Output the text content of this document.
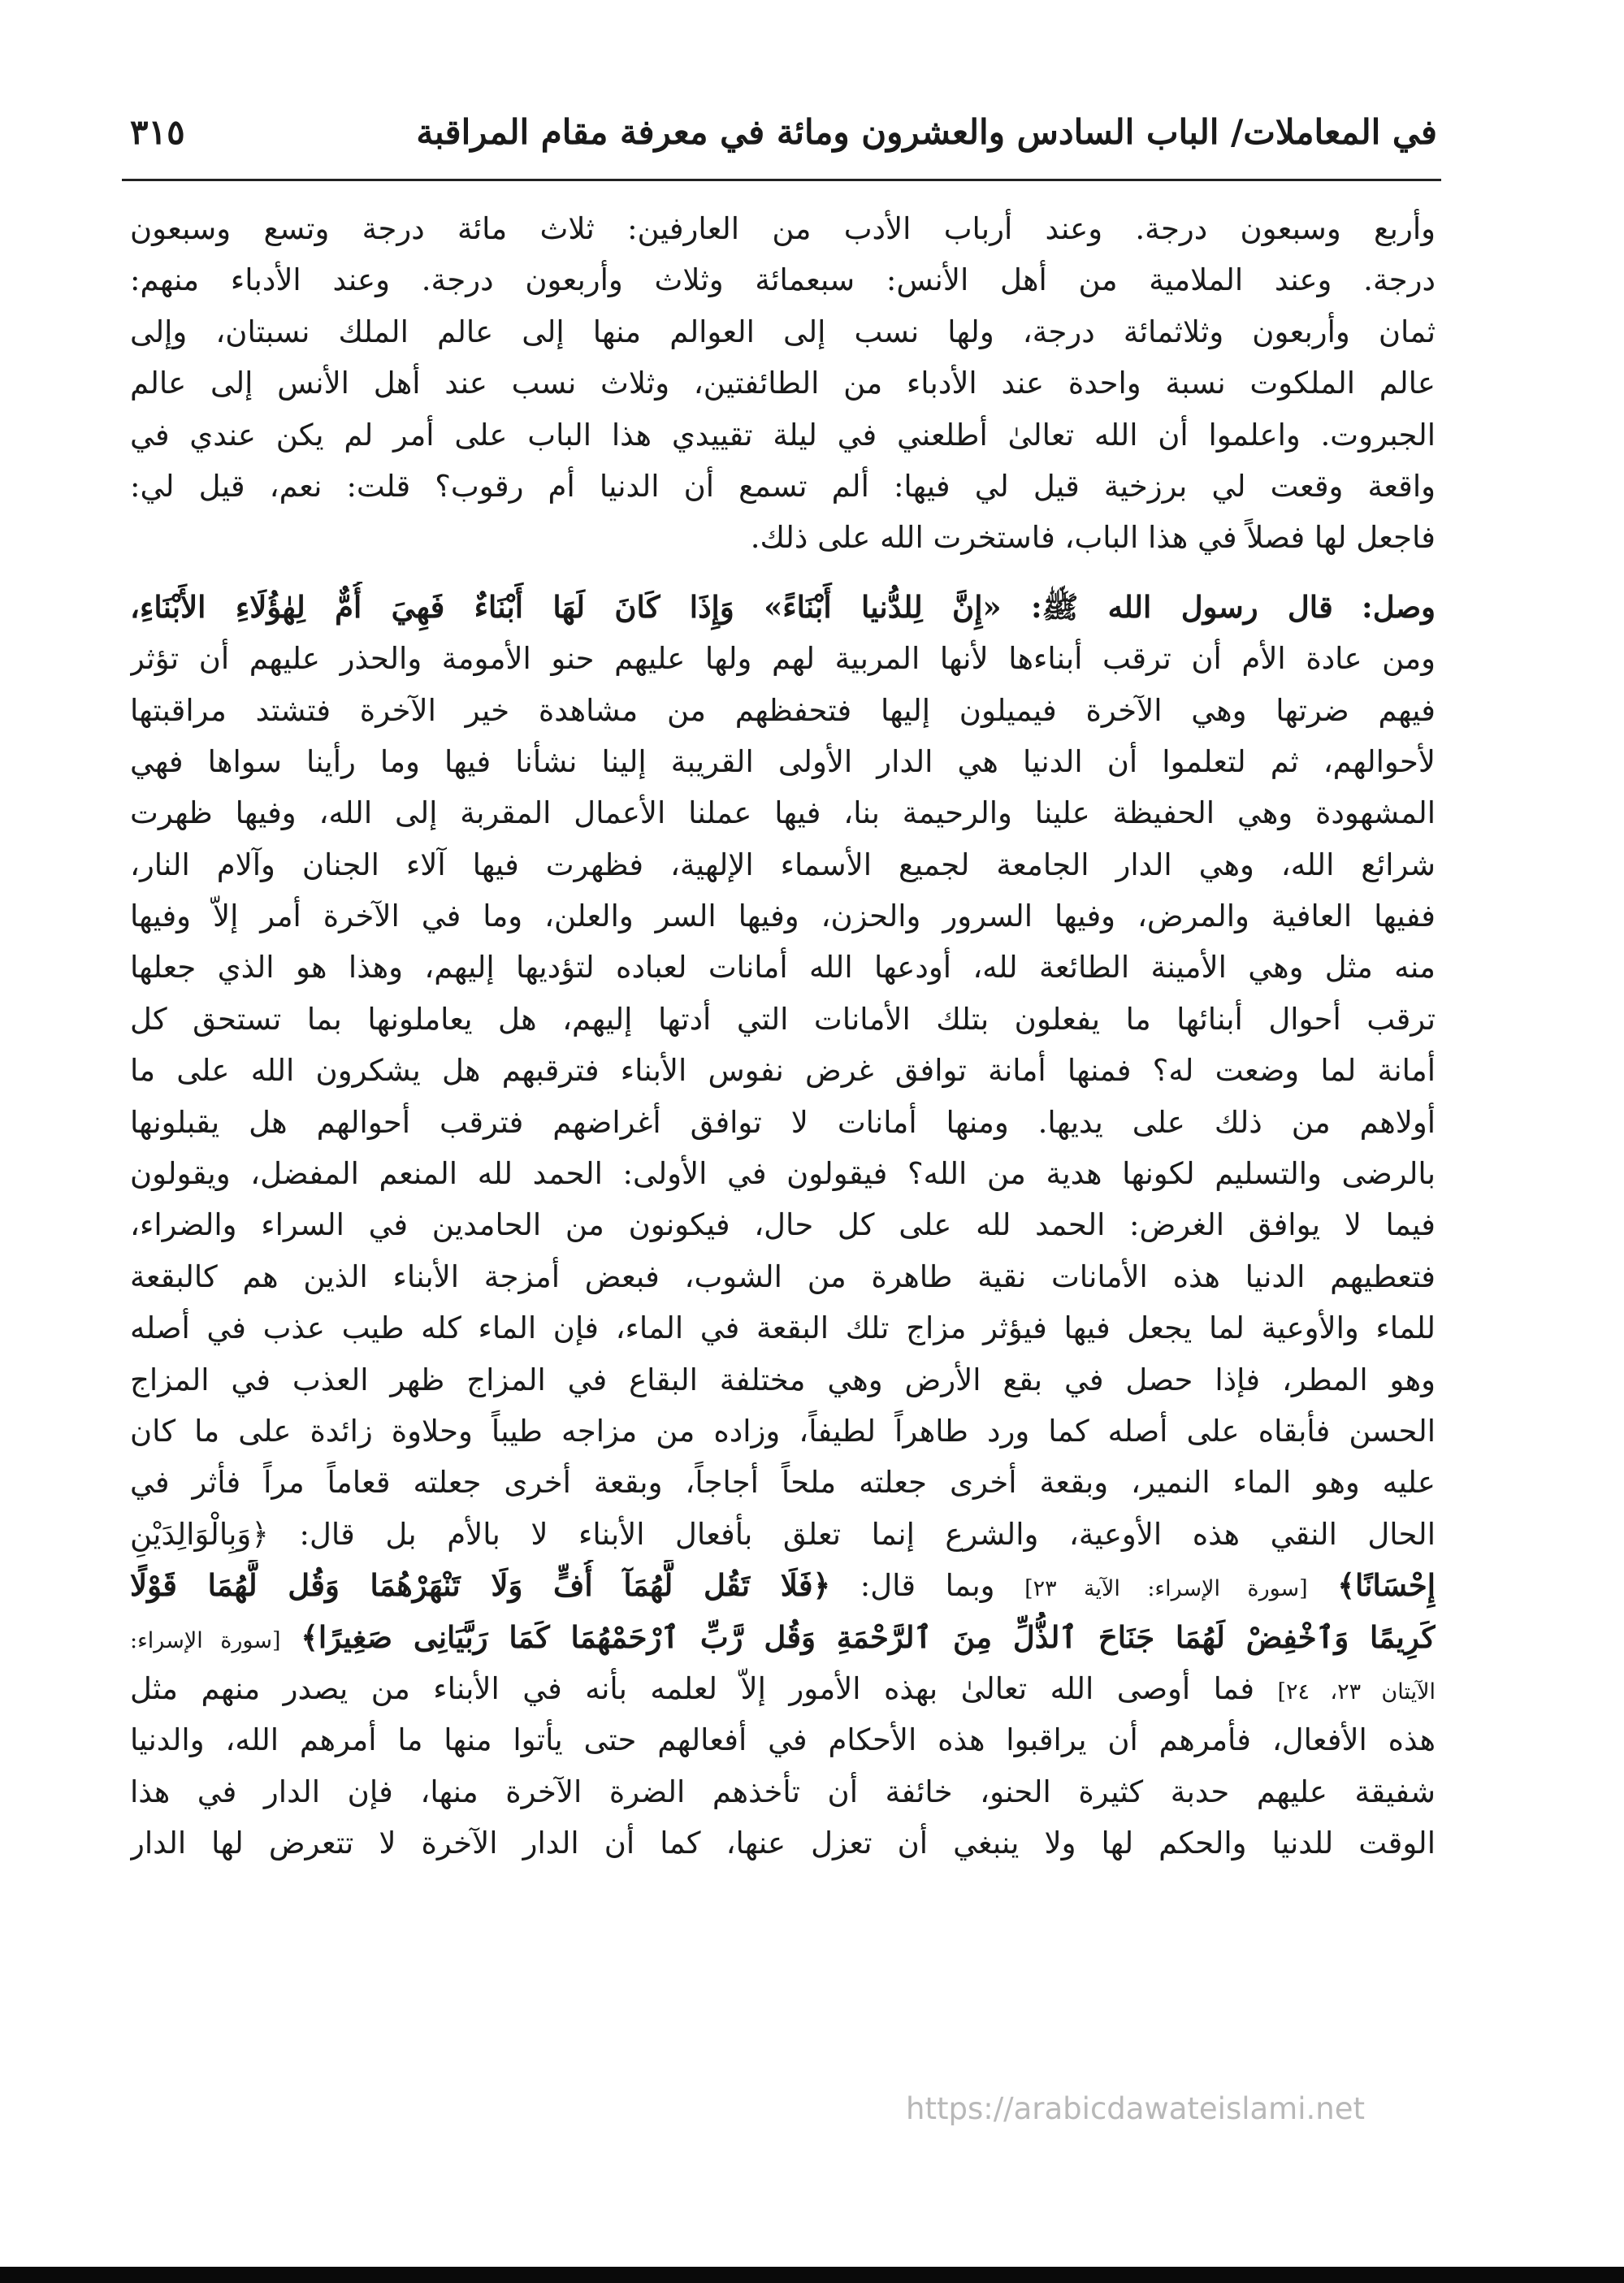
في المعاملات/ الباب السادس والعشرون ومائة في معرفة مقام المراقبة
٣١٥
وأربع وسبعون درجة. وعند أرباب الأدب من العارفين: ثلاث مائة درجة وتسع وسبعون
درجة. وعند الملامية من أهل الأنس: سبعمائة وثلاث وأربعون درجة. وعند الأدباء منهم:
ثمان وأربعون وثلاثمائة درجة، ولها نسب إلى العوالم منها إلى عالم الملك نسبتان، وإلى
عالم الملكوت نسبة واحدة عند الأدباء من الطائفتين، وثلاث نسب عند أهل الأنس إلى عالم
الجبروت. واعلموا أن الله تعالىٰ أطلعني في ليلة تقييدي هذا الباب على أمر لم يكن عندي في
واقعة وقعت لي برزخية قيل لي فيها: ألم تسمع أن الدنيا أم رقوب؟ قلت: نعم، قيل لي:
فاجعل لها فصلاً في هذا الباب، فاستخرت الله على ذلك.
وصل: قال رسول الله ﷺ: «إِنَّ لِلدُّنيا أَبْنَاءً» وَإِذَا كَانَ لَهَا أَبْنَاءٌ فَهِيَ أُمٌّ لِهٰؤُلَاءِ الأَبْنَاءِ،
ومن عادة الأم أن ترقب أبناءها لأنها المربية لهم ولها عليهم حنو الأمومة والحذر عليهم أن تؤثر
فيهم ضرتها وهي الآخرة فيميلون إليها فتحفظهم من مشاهدة خير الآخرة فتشتد مراقبتها
لأحوالهم، ثم لتعلموا أن الدنيا هي الدار الأولى القريبة إلينا نشأنا فيها وما رأينا سواها فهي
المشهودة وهي الحفيظة علينا والرحيمة بنا، فيها عملنا الأعمال المقربة إلى الله، وفيها ظهرت
شرائع الله، وهي الدار الجامعة لجميع الأسماء الإلهية، فظهرت فيها آلاء الجنان وآلام النار،
ففيها العافية والمرض، وفيها السرور والحزن، وفيها السر والعلن، وما في الآخرة أمر إلاّ وفيها
منه مثل وهي الأمينة الطائعة لله، أودعها الله أمانات لعباده لتؤديها إليهم، وهذا هو الذي جعلها
ترقب أحوال أبنائها ما يفعلون بتلك الأمانات التي أدتها إليهم، هل يعاملونها بما تستحق كل
أمانة لما وضعت له؟ فمنها أمانة توافق غرض نفوس الأبناء فترقبهم هل يشكرون الله على ما
أولاهم من ذلك على يديها. ومنها أمانات لا توافق أغراضهم فترقب أحوالهم هل يقبلونها
بالرضى والتسليم لكونها هدية من الله؟ فيقولون في الأولى: الحمد لله المنعم المفضل، ويقولون
فيما لا يوافق الغرض: الحمد لله على كل حال، فيكونون من الحامدين في السراء والضراء،
فتعطيهم الدنيا هذه الأمانات نقية طاهرة من الشوب، فبعض أمزجة الأبناء الذين هم كالبقعة
للماء والأوعية لما يجعل فيها فيؤثر مزاج تلك البقعة في الماء، فإن الماء كله طيب عذب في أصله
وهو المطر، فإذا حصل في بقع الأرض وهي مختلفة البقاع في المزاج ظهر العذب في المزاج
الحسن فأبقاه على أصله كما ورد طاهراً لطيفاً، وزاده من مزاجه طيباً وحلاوة زائدة على ما كان
عليه وهو الماء النمير، وبقعة أخرى جعلته ملحاً أجاجاً، وبقعة أخرى جعلته قعاماً مراً فأثر في
الحال النقي هذه الأوعية، والشرع إنما تعلق بأفعال الأبناء لا بالأم بل قال: ﴿وَبِالْوَالِدَيْنِ
إِحْسَانًا﴾ [سورة الإسراء: الآية ٢٣] وبما قال: ﴿فَلَا تَقُل لَّهُمَآ أُفٍّ وَلَا تَنْهَرْهُمَا وَقُل لَّهُمَا قَوْلًا
كَرِيمًا وَٱخْفِضْ لَهُمَا جَنَاحَ ٱلذُّلِّ مِنَ ٱلرَّحْمَةِ وَقُل رَّبِّ ٱرْحَمْهُمَا كَمَا رَبَّيَانِى صَغِيرًا﴾ [سورة الإسراء:
الآيتان ٢٣، ٢٤] فما أوصى الله تعالىٰ بهذه الأمور إلاّ لعلمه بأنه في الأبناء من يصدر منهم مثل
هذه الأفعال، فأمرهم أن يراقبوا هذه الأحكام في أفعالهم حتى يأتوا منها ما أمرهم الله، والدنيا
شفيقة عليهم حدبة كثيرة الحنو، خائفة أن تأخذهم الضرة الآخرة منها، فإن الدار في هذا
الوقت للدنيا والحكم لها ولا ينبغي أن تعزل عنها، كما أن الدار الآخرة لا تتعرض لها الدار
https://arabicdawateislami.net
